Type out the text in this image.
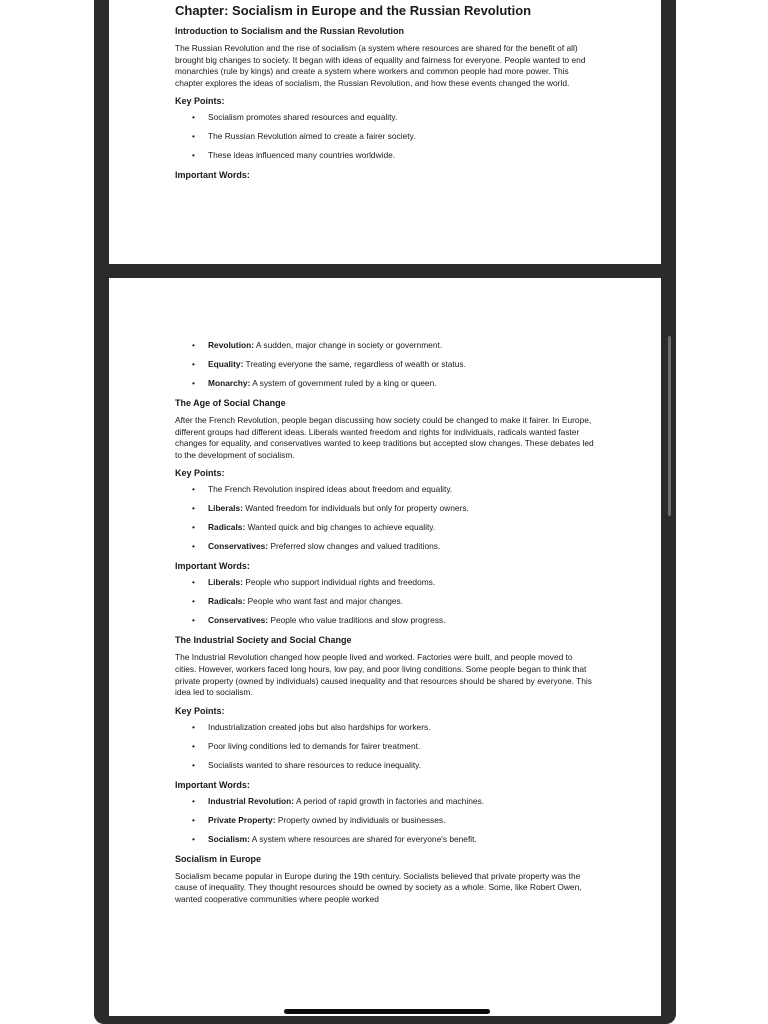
Chapter: Socialism in Europe and the Russian Revolution
Introduction to Socialism and the Russian Revolution

The Russian Revolution and the rise of socialism (a system where resources are shared for the benefit of all) brought big changes to society. It began with ideas of equality and fairness for everyone. People wanted to end monarchies (rule by kings) and create a system where workers and common people had more power. This chapter explores the ideas of socialism, the Russian Revolution, and how these events changed the world.

Key Points:
• Socialism promotes shared resources and equality.
• The Russian Revolution aimed to create a fairer society.
• These ideas influenced many countries worldwide.
Important Words:
• Revolution: A sudden, major change in society or government.
• Equality: Treating everyone the same, regardless of wealth or status.
• Monarchy: A system of government ruled by a king or queen.
The Age of Social Change

After the French Revolution, people began discussing how society could be changed to make it fairer. In Europe, different groups had different ideas. Liberals wanted freedom and rights for individuals, radicals wanted faster changes for equality, and conservatives wanted to keep traditions but accepted slow changes. These debates led to the development of socialism.

Key Points:
• The French Revolution inspired ideas about freedom and equality.
• Liberals: Wanted freedom for individuals but only for property owners.
• Radicals: Wanted quick and big changes to achieve equality.
• Conservatives: Preferred slow changes and valued traditions.
Important Words:
• Liberals: People who support individual rights and freedoms.
• Radicals: People who want fast and major changes.
• Conservatives: People who value traditions and slow progress.
The Industrial Society and Social Change

The Industrial Revolution changed how people lived and worked. Factories were built, and people moved to cities. However, workers faced long hours, low pay, and poor living conditions. Some people began to think that private property (owned by individuals) caused inequality and that resources should be shared by everyone. This idea led to socialism.

Key Points:
• Industrialization created jobs but also hardships for workers.
• Poor living conditions led to demands for fairer treatment.
• Socialists wanted to share resources to reduce inequality.
Important Words:
• Industrial Revolution: A period of rapid growth in factories and machines.
• Private Property: Property owned by individuals or businesses.
• Socialism: A system where resources are shared for everyone's benefit.
Socialism in Europe

Socialism became popular in Europe during the 19th century. Socialists believed that private property was the cause of inequality. They thought resources should be owned by society as a whole. Some, like Robert Owen, wanted cooperative communities where people worked
